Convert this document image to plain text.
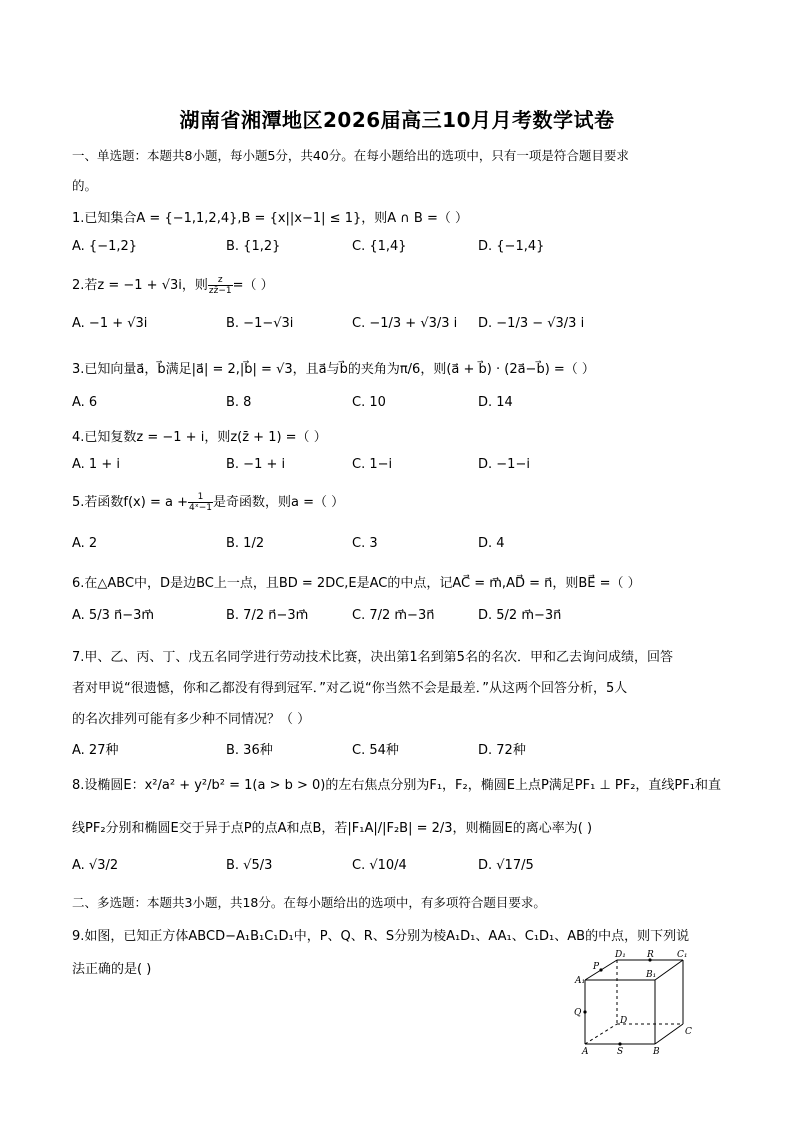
湖南省湘潭地区2026届高三10月月考数学试卷
一、单选题：本题共8小题，每小题5分，共40分。在每小题给出的选项中，只有一项是符合题目要求
的。
1.已知集合A = {−1,1,2,4},B = {x||x−1| ≤ 1}，则A ∩ B =（ ）
A. {−1,2}	B. {1,2}	C. {1,4}	D. {−1,4}
2.若z = −1 + √3i，则 $\frac{z}{zz̄-1}$ =（ ）
A. −1 + √3i	B. −1−√3i	C. −1/3 + √3/3 i D. −1/3 − √3/3 i
3.已知向量a⃗，b⃗满足|a⃗| = 2,|b⃗| = √3，且a⃗与b⃗的夹角为π/6，则(a⃗ + b⃗) · (2a⃗−b⃗) =（ ）
A. 6	B. 8	C. 10	D. 14
4.已知复数z = −1 + i，则z(z̄ + 1) =（ ）
A. 1 + i	B. −1 + i	C. 1−i	D. −1−i
5.若函数$f(x) = a + \frac{1}{\text{4ˣ−1}}$ 是奇函数，则a =（ ）
A. 2	B. 1/2	C. 3	D. 4
6.在△ABC中，D是边BC上一点，且BD = 2DC,E是AC的中点，记AC⃗ = m⃗,AD⃗ = n⃗，则BE⃗ =（ ）
A. 5/3 n⃗−3m⃗	B. 7/2 n⃗−3m⃗	C. 7/2 m⃗−3n⃗	D. 5/2 m⃗−3n⃗
7.甲、乙、丙、丁、戊五名同学进行劳动技术比赛，决出第1名到第5名的名次．甲和乙去询问成绩，回答
者对甲说“很遗憾，你和乙都没有得到冠军．”对乙说“你当然不会是最差．”从这两个回答分析，5人
的名次排列可能有多少种不同情况？（ ）
A. 27种	B. 36种	C. 54种	D. 72种
8.设椭圆E：x²/a² + y²/b² = 1(a > b > 0)的左右焦点分别为F₁，F₂，椭圆E上点P满足PF₁ ⊥ PF₂，直线PF₁和直
线PF₂分别和椭圆E交于异于点P的点A和点B，若|F₁A|/|F₂B| = 2/3，则椭圆E的离心率为( )
A. √3/2	B. √5/3	C. √10/4	D. √17/5
二、多选题：本题共3小题，共18分。在每小题给出的选项中，有多项符合题目要求。
9.如图，已知正方体ABCD−A₁B₁C₁D₁中，P、Q、R、S分别为棱A₁D₁、AA₁、C₁D₁、AB的中点，则下列说
法正确的是( )	P
D₁ R	C₁
A₁
B₁
Q
D
C
A	S	B
